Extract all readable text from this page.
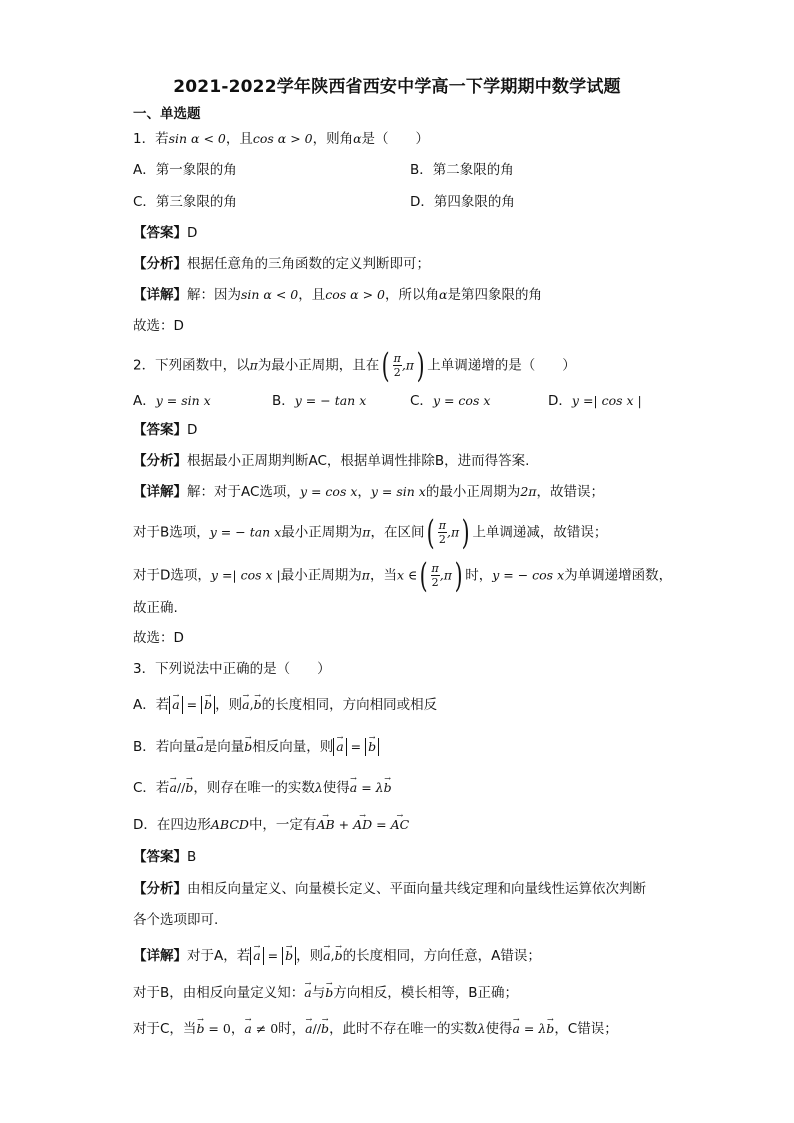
2021-2022学年陕西省西安中学高一下学期期中数学试题
一、单选题
1．若sin α < 0，且cos α > 0，则角α是（　　）
A．第一象限的角	B．第二象限的角
C．第三象限的角	D．第四象限的角
【答案】D
【分析】根据任意角的三角函数的定义判断即可；
【详解】解：因为sin α < 0，且cos α > 0，所以角α是第四象限的角
故选：D
2．下列函数中，以π为最小正周期，且在( $\frac{\pi}{2} ,\pi$) 上单调递增的是（　　）
A．y = sin x	B．y = − tan x	C．y = cos x	D．y =| cos x |
【答案】D
【分析】根据最小正周期判断AC，根据单调性排除B，进而得答案.
【详解】解：对于AC选项，y = cos x，y = sin x的最小正周期为2π，故错误；
对于B选项，y = − tan x最小正周期为π，在区间( $\frac{\pi}{2} ,\pi$) 上单调递减，故错误；
对于D选项，y =| cos x |最小正周期为π，当x ∈( $\frac{\pi}{2} ,\pi$) 时，y = − cos x为单调递增函数，
故正确.
故选：D
3．下列说法中正确的是（　　）
A．若 → a = → b ，则→ a,→ b的长度相同，方向相同或相反
B．若向量→ a是向量→ b相反向量，则 → a = → b
C．若→ a//→ b，则存在唯一的实数λ使得→ a = λ→ b
D．在四边形ABCD中，一定有→ AB + → AD = → AC
【答案】B
【分析】由相反向量定义、向量模长定义、平面向量共线定理和向量线性运算依次判断
各个选项即可.
【详解】对于A，若 → a = → b ，则→ a,→ b的长度相同，方向任意，A错误；
对于B，由相反向量定义知：→ a与→ b方向相反，模长相等，B正确；
对于C，当→ b = 0，→ a ≠ 0时，→ a//→ b，此时不存在唯一的实数λ使得→ a = λ→ b，C错误；
